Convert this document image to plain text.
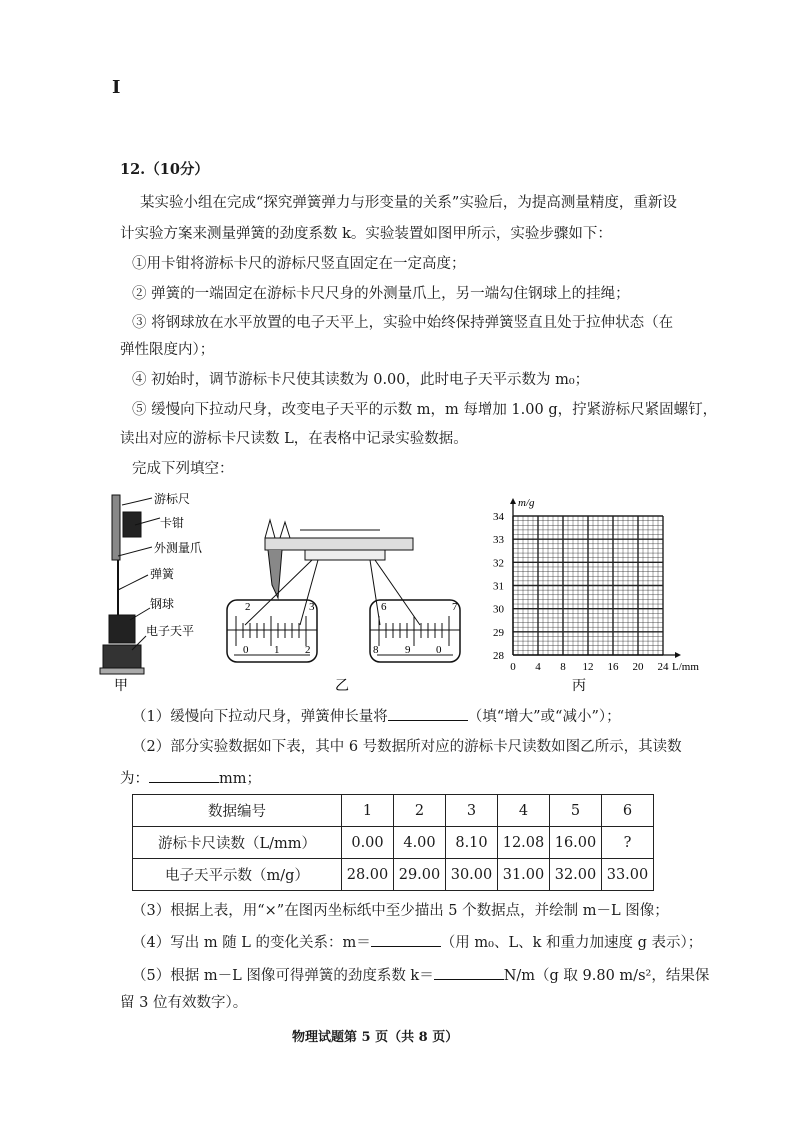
I
12.（10分）
某实验小组在完成“探究弹簧弹力与形变量的关系”实验后，为提高测量精度，重新设
计实验方案来测量弹簧的劲度系数 k。实验装置如图甲所示，实验步骤如下：
①用卡钳将游标卡尺的游标尺竖直固定在一定高度；
② 弹簧的一端固定在游标卡尺尺身的外测量爪上，另一端勾住钢球上的挂绳；
③ 将钢球放在水平放置的电子天平上，实验中始终保持弹簧竖直且处于拉伸状态（在
弹性限度内）；
④ 初始时，调节游标卡尺使其读数为 0.00，此时电子天平示数为 m₀；
⑤ 缓慢向下拉动尺身，改变电子天平的示数 m，m 每增加 1.00 g，拧紧游标尺紧固螺钉，
读出对应的游标卡尺读数 L，在表格中记录实验数据。
完成下列填空：
游标尺
卡钳
外测量爪
弹簧
钢球
电子天平
甲
2	3
0 1 2
6	7
8 9 0
乙
m/g
L/mm
28
29
30
31
32
33
34
0 4 8 12 16 20 24
丙
（1）缓慢向下拉动尺身，弹簧伸长量将	（填“增大”或“减小”）；
（2）部分实验数据如下表，其中 6 号数据所对应的游标卡尺读数如图乙所示，其读数
为：	mm；
数据编号	1	2	3	4	5	6
游标卡尺读数（L/mm）	0.00	4.00	8.10	12.08	16.00	?
电子天平示数（m/g）	28.00	29.00	30.00	31.00	32.00	33.00
（3）根据上表，用“×”在图丙坐标纸中至少描出 5 个数据点，并绘制 m－L 图像；
（4）写出 m 随 L 的变化关系：m＝	（用 m₀、L、k 和重力加速度 g 表示）；
（5）根据 m－L 图像可得弹簧的劲度系数 k＝	N/m（g 取 9.80 m/s²，结果保
留 3 位有效数字）。
物理试题第 5 页（共 8 页）
